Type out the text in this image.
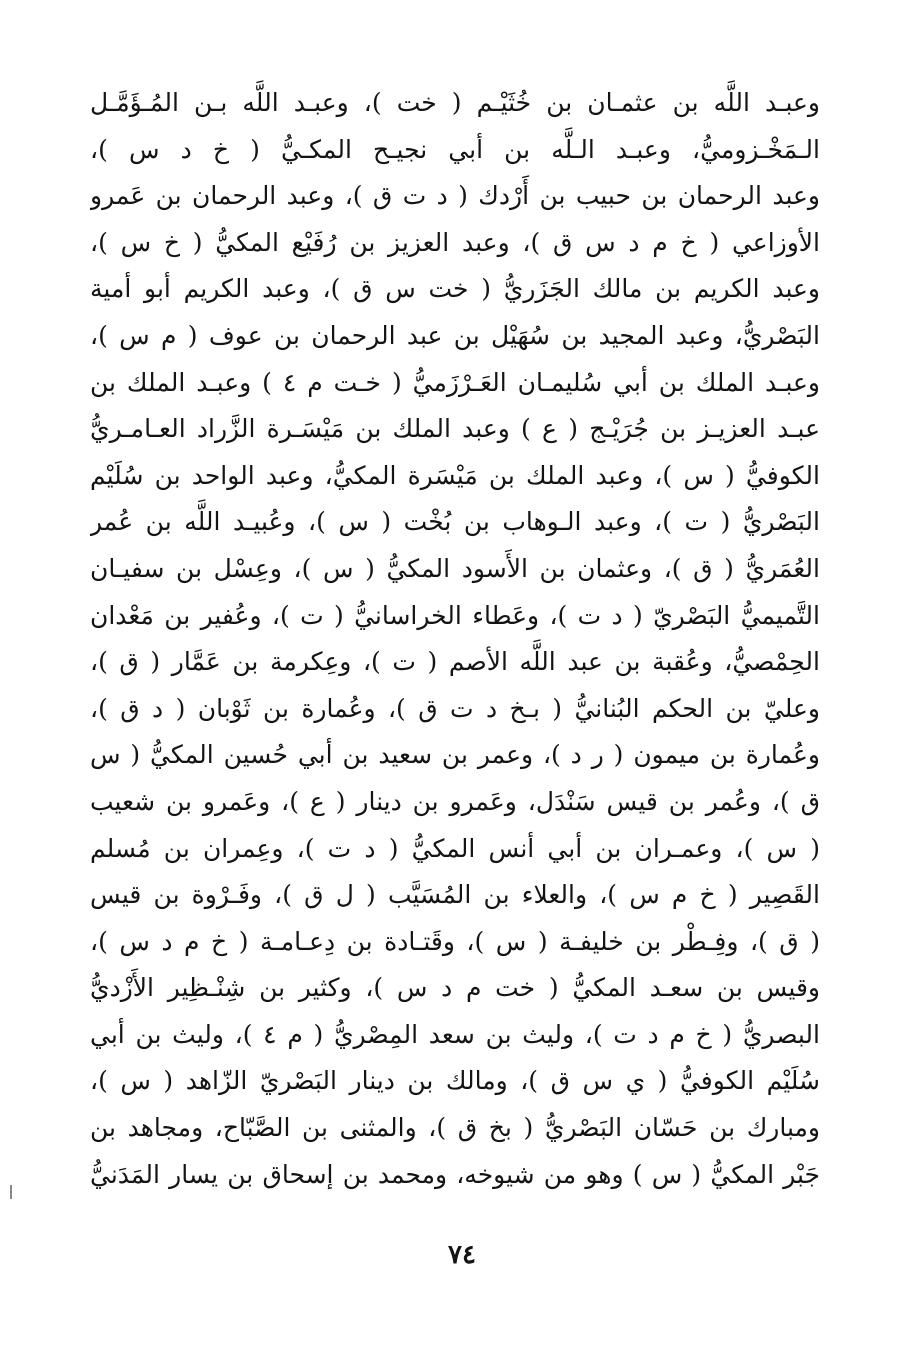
وعبـد اللَّه بن عثمـان بن خُثَيْـم ( خت )، وعبـد اللَّه بـن المُـؤَمَّـل
الـمَخْـزوميُّ، وعبـد الـلَّه بن أبي نجيـح المكـيُّ ( خ د س )،
وعبد الرحمان بن حبيب بن أَرْدك ( د ت ق )، وعبد الرحمان بن عَمرو
الأوزاعي ( خ م د س ق )، وعبد العزيز بن رُفَيْع المكيُّ ( خ س )،
وعبد الكريم بن مالك الجَزَريُّ ( خت س ق )، وعبد الكريم أبو أمية
البَصْريُّ، وعبد المجيد بن سُهَيْل بن عبد الرحمان بن عوف ( م س )،
وعبـد الملك بن أبي سُليمـان العَـرْزَميُّ ( خـت م ٤ ) وعبـد الملك بن
عبـد العزيـز بن جُرَيْـج ( ع ) وعبد الملك بن مَيْسَـرة الزَّراد العـامـريُّ
الكوفيُّ ( س )، وعبد الملك بن مَيْسَرة المكيُّ، وعبد الواحد بن سُلَيْم
البَصْريُّ ( ت )، وعبد الـوهاب بن بُخْت ( س )، وعُبيـد اللَّه بن عُمر
العُمَريُّ ( ق )، وعثمان بن الأَسود المكيُّ ( س )، وعِسْل بن سفيـان
التَّميميُّ البَصْريّ ( د ت )، وعَطاء الخراسانيُّ ( ت )، وعُفير بن مَعْدان
الحِمْصيُّ، وعُقبة بن عبد اللَّه الأصم ( ت )، وعِكرمة بن عَمَّار ( ق )،
وعليّ بن الحكم البُنانيُّ ( بـخ د ت ق )، وعُمارة بن ثَوْبان ( د ق )،
وعُمارة بن ميمون ( ر د )، وعمر بن سعيد بن أبي حُسين المكيُّ ( س
ق )، وعُمر بن قيس سَنْدَل، وعَمرو بن دينار ( ع )، وعَمرو بن شعيب
( س )، وعمـران بن أبي أنس المكيُّ ( د ت )، وعِمران بن مُسلم
القَصِير ( خ م س )، والعلاء بن المُسَيَّب ( ل ق )، وفَـرْوة بن قيس
( ق )، وفِـطْر بن خليفـة ( س )، وقَتـادة بن دِعـامـة ( خ م د س )،
وقيس بن سعـد المكيُّ ( خت م د س )، وكثير بن شِنْـظِير الأَزْديُّ
البصريُّ ( خ م د ت )، وليث بن سعد المِصْريُّ ( م ٤ )، وليث بن أبي
سُلَيْم الكوفيُّ ( ي س ق )، ومالك بن دينار البَصْريّ الزّاهد ( س )،
ومبارك بن حَسّان البَصْريُّ ( بخ ق )، والمثنى بن الصَّبّاح، ومجاهد بن
جَبْر المكيُّ ( س ) وهو من شيوخه، ومحمد بن إسحاق بن يسار المَدَنيُّ
٧٤
